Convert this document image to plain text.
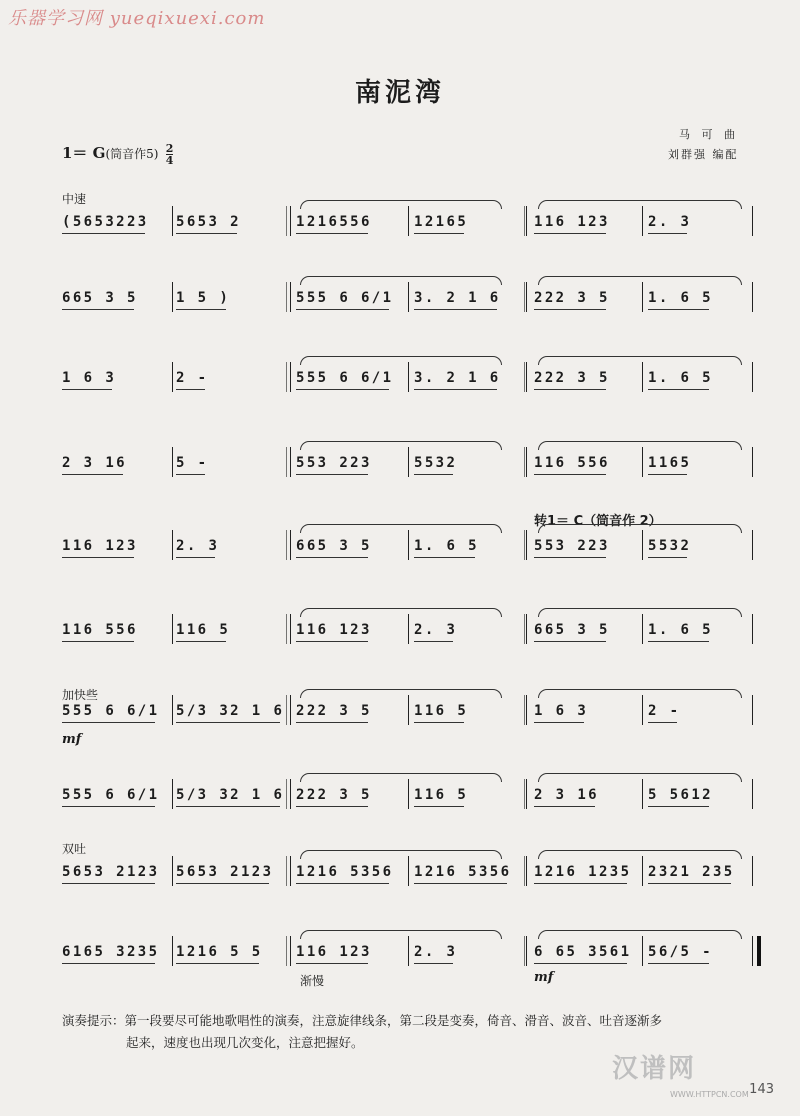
乐器学习网 yueqixuexi.com
南泥湾
1＝ G(筒音作$5) \frac{2}{4}$
马 可 曲
刘群强 编配
中速
加快些
双吐
渐慢
mf
mf
转1＝ C（筒音作 2）
(5653223 5653 2	1216556	12165	116 123	2. 3
665 3 5	1 5 )	555 6 6/1 3. 2 1 6 222 3 5	1. 6 5
1 6 3	2 -	555 6 6/1 3. 2 1 6 222 3 5	1. 6 5
2 3 16	5 -	553 223	5532	116 556	1165
116 123	2. 3	665 3 5	1. 6 5	553 223	5532
116 556	116 5	116 123	2. 3	665 3 5	1. 6 5
555 6 6/1 5/3 32 1 6 222 3 5	116 5	1 6 3	2 -
555 6 6/1 5/3 32 1 6 222 3 5	116 5	2 3 16	5 5612
5653 2123 5653 2123 1216 5356 1216 5356 1216 1235 2321 235
6165 3235 1216 5 5 116 123	2. 3	6 65 3561 56/5 -
演奏提示：第一段要尽可能地歌唱性的演奏，注意旋律线条，第二段是变奏，倚音、滑音、波音、吐音逐渐多
起来，速度也出现几次变化，注意把握好。
汉谱网
WWW.HTTPCN.COM 143
